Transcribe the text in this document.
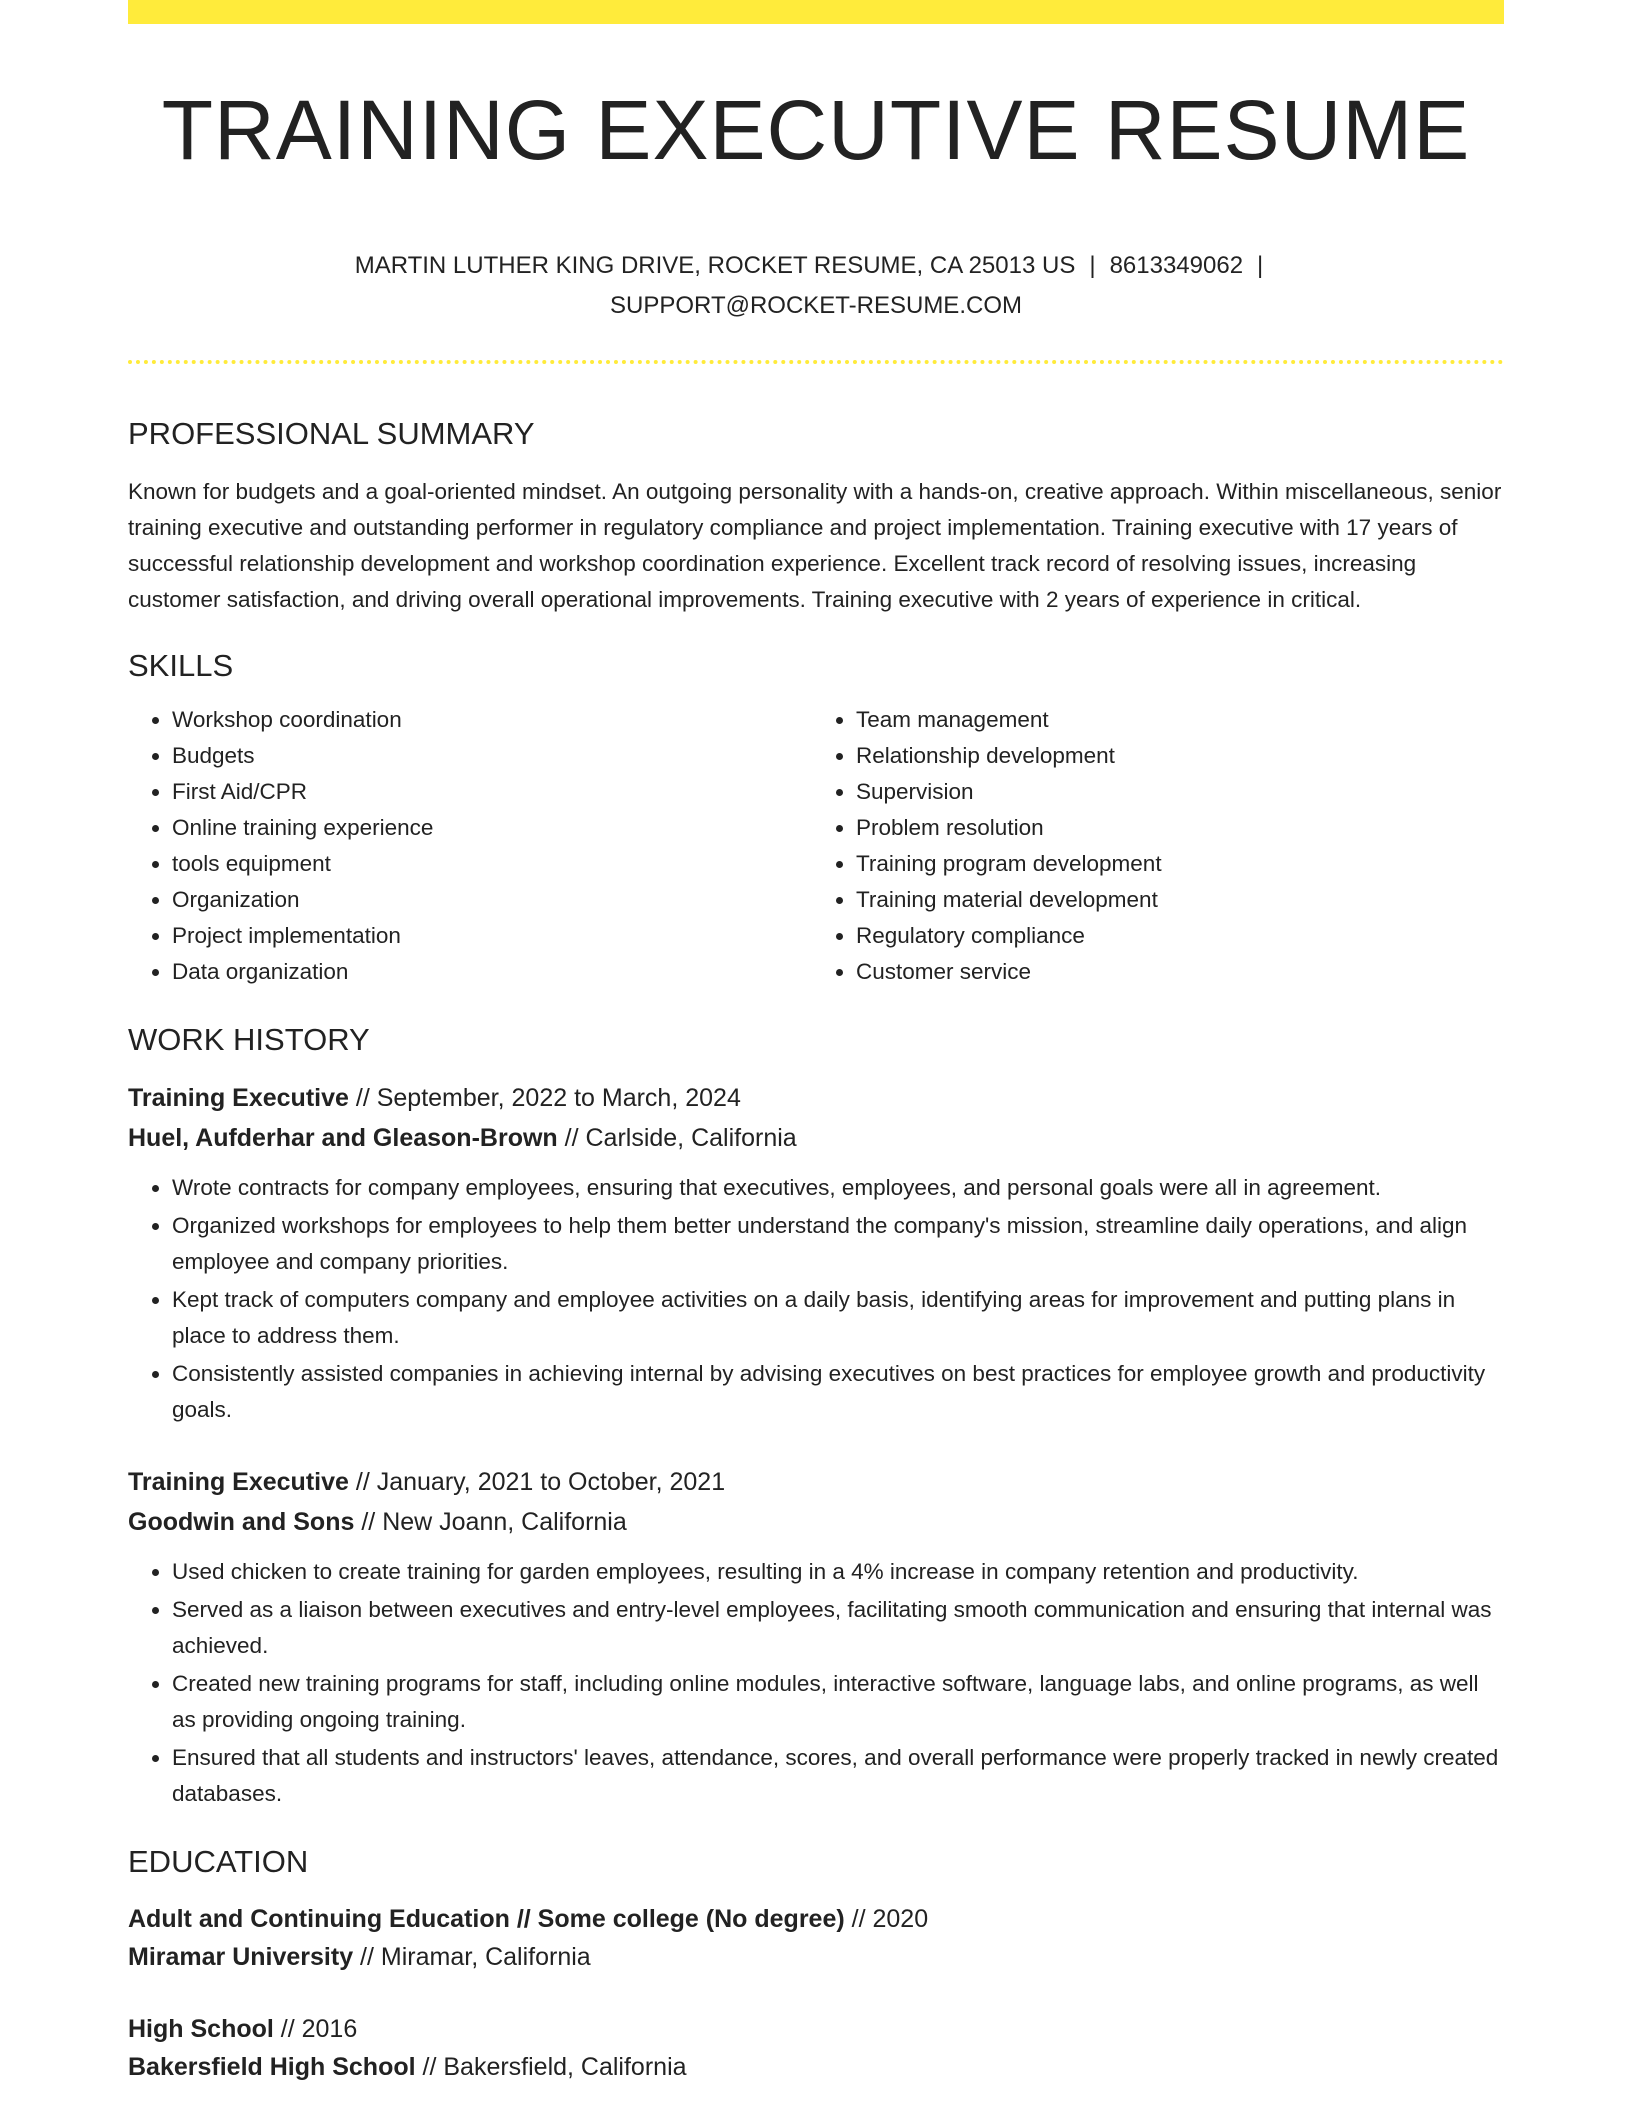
TRAINING EXECUTIVE RESUME
MARTIN LUTHER KING DRIVE, ROCKET RESUME, CA 25013 US | 8613349062 |
SUPPORT@ROCKET-RESUME.COM
PROFESSIONAL SUMMARY

Known for budgets and a goal-oriented mindset. An outgoing personality with a hands-on, creative approach. Within miscellaneous, senior training executive and outstanding performer in regulatory compliance and project implementation. Training executive with 17 years of successful relationship development and workshop coordination experience. Excellent track record of resolving issues, increasing customer satisfaction, and driving overall operational improvements. Training executive with 2 years of experience in critical.

SKILLS
• Workshop coordination
• Budgets
• First Aid/CPR
• Online training experience
• tools equipment
• Organization
• Project implementation
• Data organization
• Team management
• Relationship development
• Supervision
• Problem resolution
• Training program development
• Training material development
• Regulatory compliance
• Customer service
WORK HISTORY
Training Executive // September, 2022 to March, 2024
Huel, Aufderhar and Gleason-Brown // Carlside, California
• Wrote contracts for company employees, ensuring that executives, employees, and personal goals were all in agreement.
• Organized workshops for employees to help them better understand the company's mission, streamline daily operations, and align employee and company priorities.
• Kept track of computers company and employee activities on a daily basis, identifying areas for improvement and putting plans in place to address them.
• Consistently assisted companies in achieving internal by advising executives on best practices for employee growth and productivity goals.
Training Executive // January, 2021 to October, 2021
Goodwin and Sons // New Joann, California
• Used chicken to create training for garden employees, resulting in a 4% increase in company retention and productivity.
• Served as a liaison between executives and entry-level employees, facilitating smooth communication and ensuring that internal was achieved.
• Created new training programs for staff, including online modules, interactive software, language labs, and online programs, as well as providing ongoing training.
• Ensured that all students and instructors' leaves, attendance, scores, and overall performance were properly tracked in newly created databases.
EDUCATION
Adult and Continuing Education // Some college (No degree) // 2020
Miramar University // Miramar, California
High School // 2016
Bakersfield High School // Bakersfield, California
